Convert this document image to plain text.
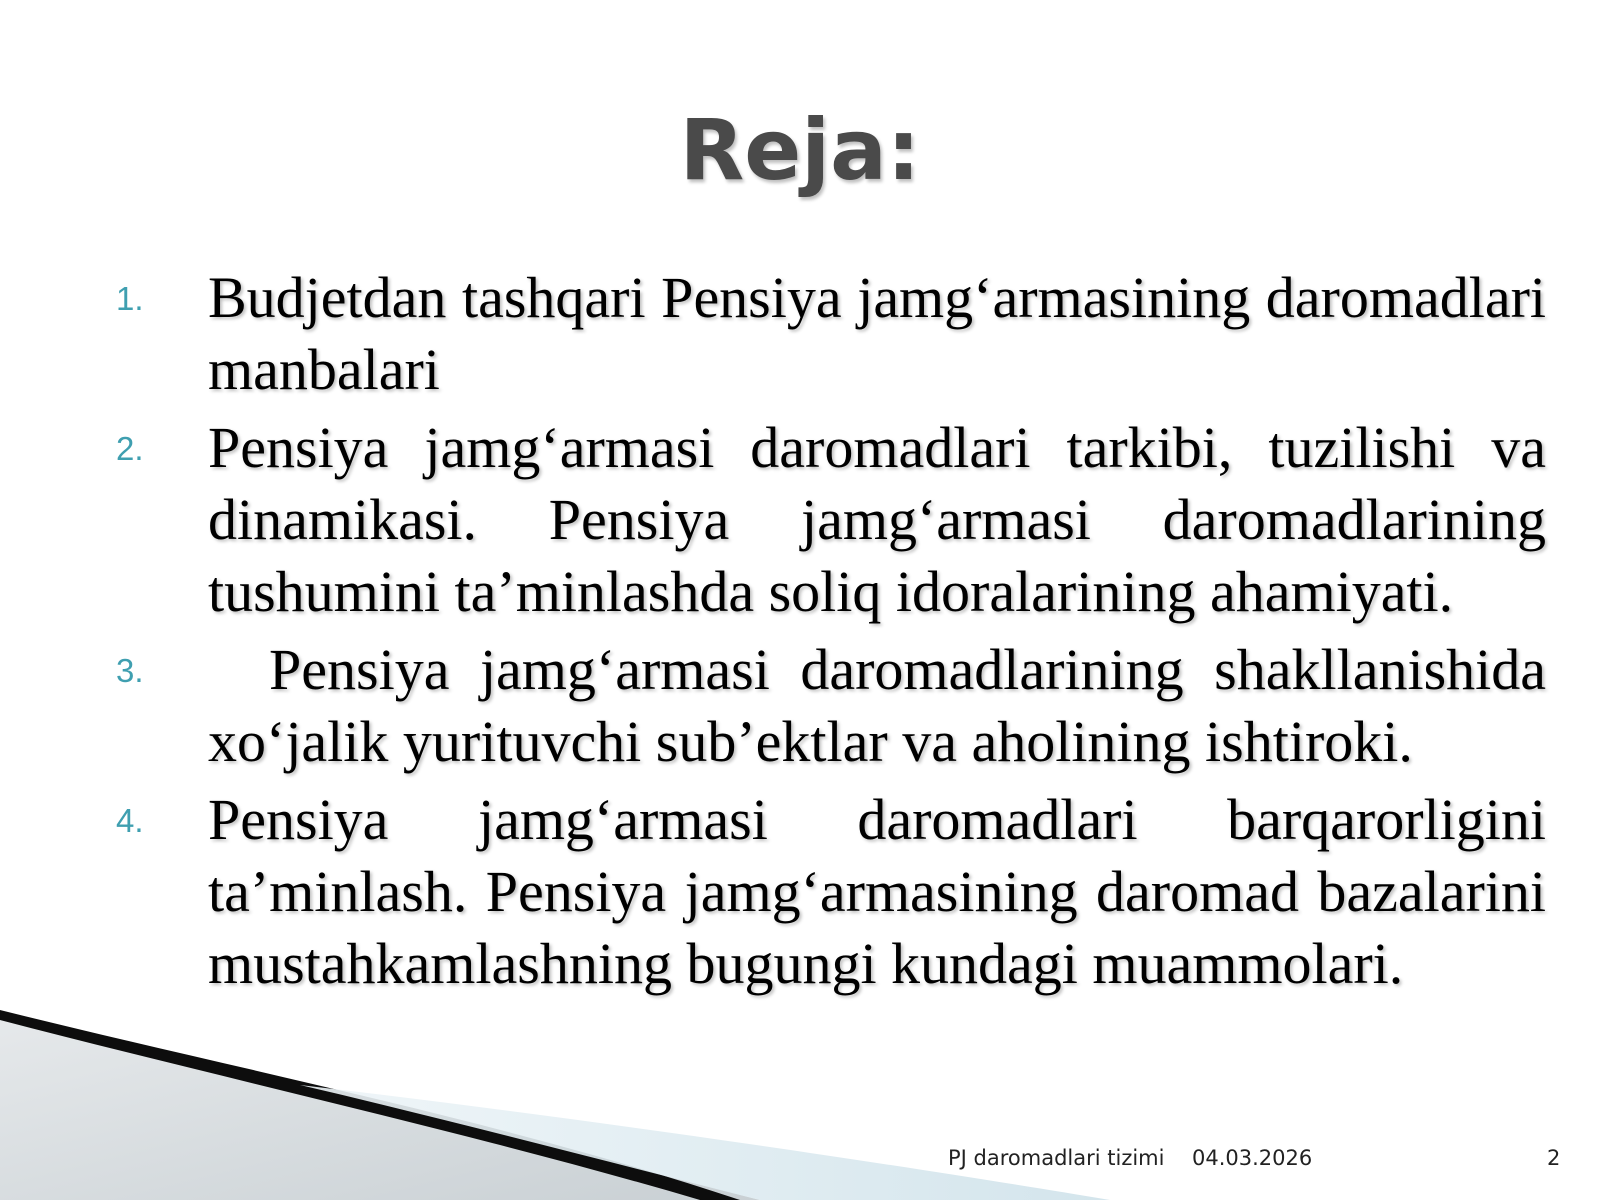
Reja:
1. Budjetdan tashqari Pensiya jamg‘armasining daromadlari manbalari
2. Pensiya jamg‘armasi daromadlari tarkibi, tuzilishi va dinamikasi. Pensiya jamg‘armasi daromadlarining tushumini ta’minlashda soliq idoralarining ahamiyati.
3. Pensiya jamg‘armasi daromadlarining shakllanishida xo‘jalik yurituvchi sub’ektlar va aholining ishtiroki.
4. Pensiya jamg‘armasi daromadlari barqarorligini ta’minlash. Pensiya jamg‘armasining daromad bazalarini mustahkamlashning bugungi kundagi muammolari.
PJ daromadlari tizimi 04.03.2026	2
